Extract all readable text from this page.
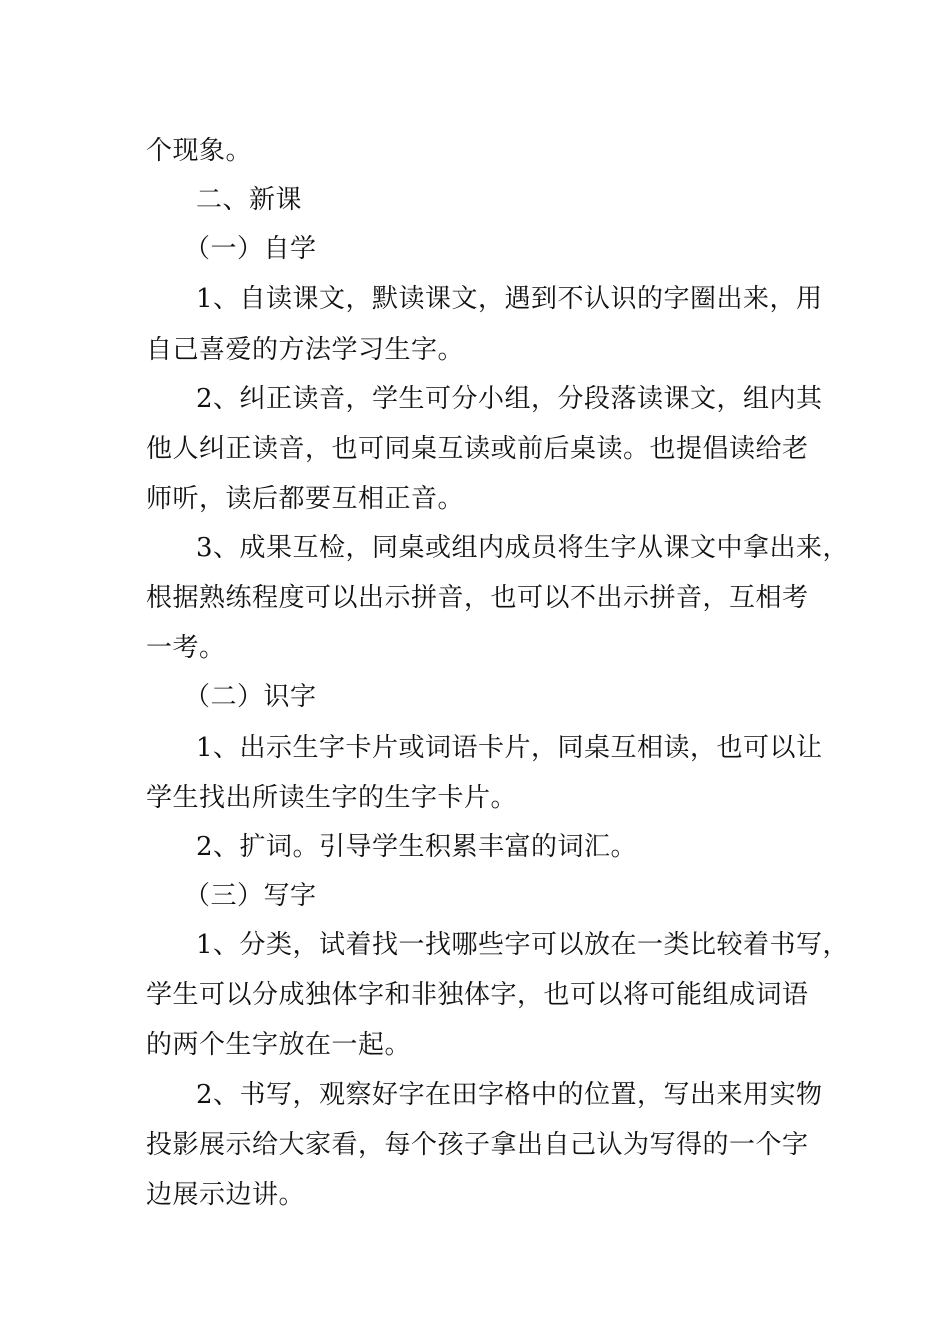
个现象。
二、新课
（一）自学
1、自读课文，默读课文，遇到不认识的字圈出来，用
自己喜爱的方法学习生字。
2、纠正读音，学生可分小组，分段落读课文，组内其
他人纠正读音，也可同桌互读或前后桌读。也提倡读给老
师听，读后都要互相正音。
3、成果互检，同桌或组内成员将生字从课文中拿出来，
根据熟练程度可以出示拼音，也可以不出示拼音，互相考
一考。
（二）识字
1、出示生字卡片或词语卡片，同桌互相读，也可以让
学生找出所读生字的生字卡片。
2、扩词。引导学生积累丰富的词汇。
（三）写字
1、分类，试着找一找哪些字可以放在一类比较着书写，
学生可以分成独体字和非独体字，也可以将可能组成词语
的两个生字放在一起。
2、书写，观察好字在田字格中的位置，写出来用实物
投影展示给大家看，每个孩子拿出自己认为写得的一个字
边展示边讲。
